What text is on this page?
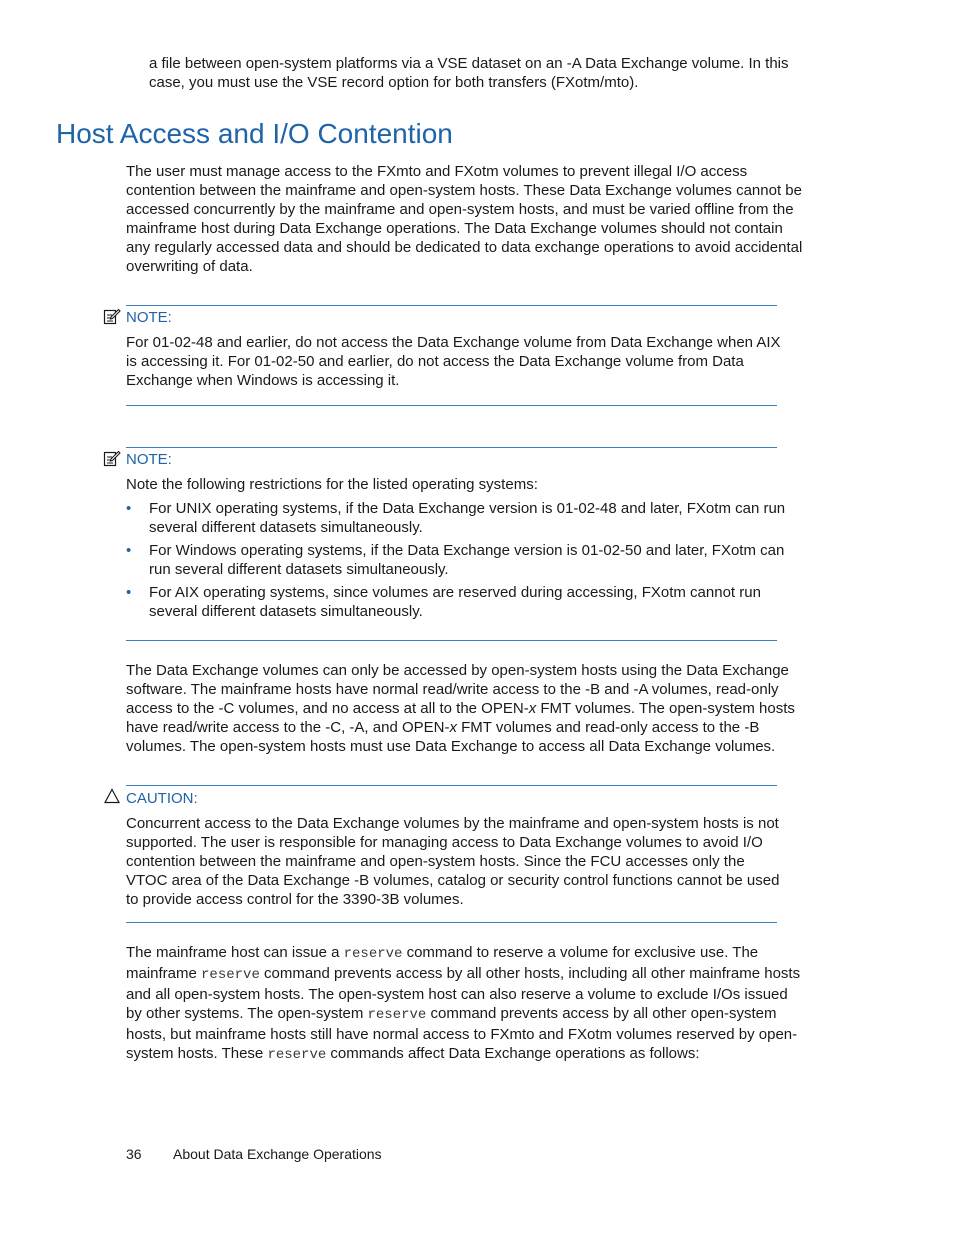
a file between open-system platforms via a VSE dataset on an -A Data Exchange volume. In this case, you must use the VSE record option for both transfers (FXotm/mto).

Host Access and I/O Contention

The user must manage access to the FXmto and FXotm volumes to prevent illegal I/O access contention between the mainframe and open-system hosts. These Data Exchange volumes cannot be accessed concurrently by the mainframe and open-system hosts, and must be varied offline from the mainframe host during Data Exchange operations. The Data Exchange volumes should not contain any regularly accessed data and should be dedicated to data exchange operations to avoid accidental overwriting of data.

NOTE:

For 01-02-48 and earlier, do not access the Data Exchange volume from Data Exchange when AIX is accessing it. For 01-02-50 and earlier, do not access the Data Exchange volume from Data Exchange when Windows is accessing it.

NOTE:

Note the following restrictions for the listed operating systems:

• For UNIX operating systems, if the Data Exchange version is 01-02-48 and later, FXotm can run several different datasets simultaneously.
• For Windows operating systems, if the Data Exchange version is 01-02-50 and later, FXotm can run several different datasets simultaneously.
• For AIX operating systems, since volumes are reserved during accessing, FXotm cannot run several different datasets simultaneously.

The Data Exchange volumes can only be accessed by open-system hosts using the Data Exchange software. The mainframe hosts have normal read/write access to the -B and -A volumes, read-only access to the -C volumes, and no access at all to the OPEN-x FMT volumes. The open-system hosts have read/write access to the -C, -A, and OPEN-x FMT volumes and read-only access to the -B volumes. The open-system hosts must use Data Exchange to access all Data Exchange volumes.

CAUTION:

Concurrent access to the Data Exchange volumes by the mainframe and open-system hosts is not supported. The user is responsible for managing access to Data Exchange volumes to avoid I/O contention between the mainframe and open-system hosts. Since the FCU accesses only the VTOC area of the Data Exchange -B volumes, catalog or security control functions cannot be used to provide access control for the 3390-3B volumes.

The mainframe host can issue a reserve command to reserve a volume for exclusive use. The mainframe reserve command prevents access by all other hosts, including all other mainframe hosts and all open-system hosts. The open-system host can also reserve a volume to exclude I/Os issued by other systems. The open-system reserve command prevents access by all other open-system hosts, but mainframe hosts still have normal access to FXmto and FXotm volumes reserved by open-system hosts. These reserve commands affect Data Exchange operations as follows:

36 About Data Exchange Operations
